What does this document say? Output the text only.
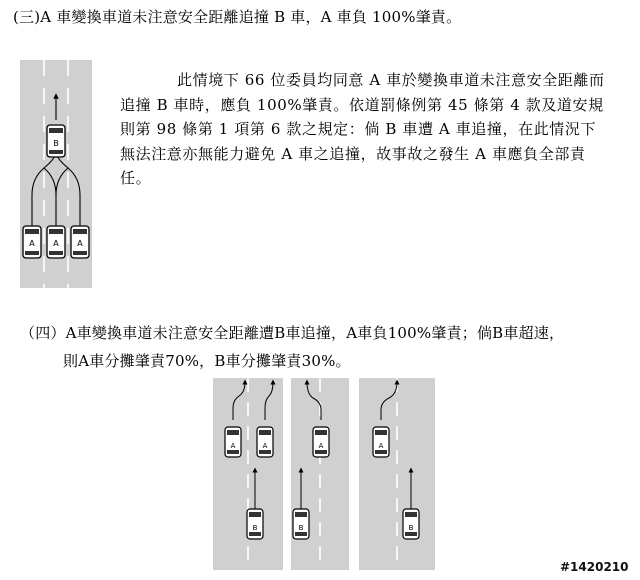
(三)A 車變換車道未注意安全距離追撞 B 車，A 車負 100%肇責。
B
A A A
此情境下 66 位委員均同意 A 車於變換車道未注意安全距離而追撞 B 車時，應負 100%肇責。依道罰條例第 45 條第 4 款及道安規則第 98 條第 1 項第 6 款之規定：倘 B 車遭 A 車追撞，在此情況下無法注意亦無能力避免 A 車之追撞，故事故之發生 A 車應負全部責任。
（四）A車變換車道未注意安全距離遭B車追撞，A車負100%肇責；倘B車超速，
則A車分攤肇責70%，B車分攤肇責30%。
A	A
B
A
B
A
B
#1420210
